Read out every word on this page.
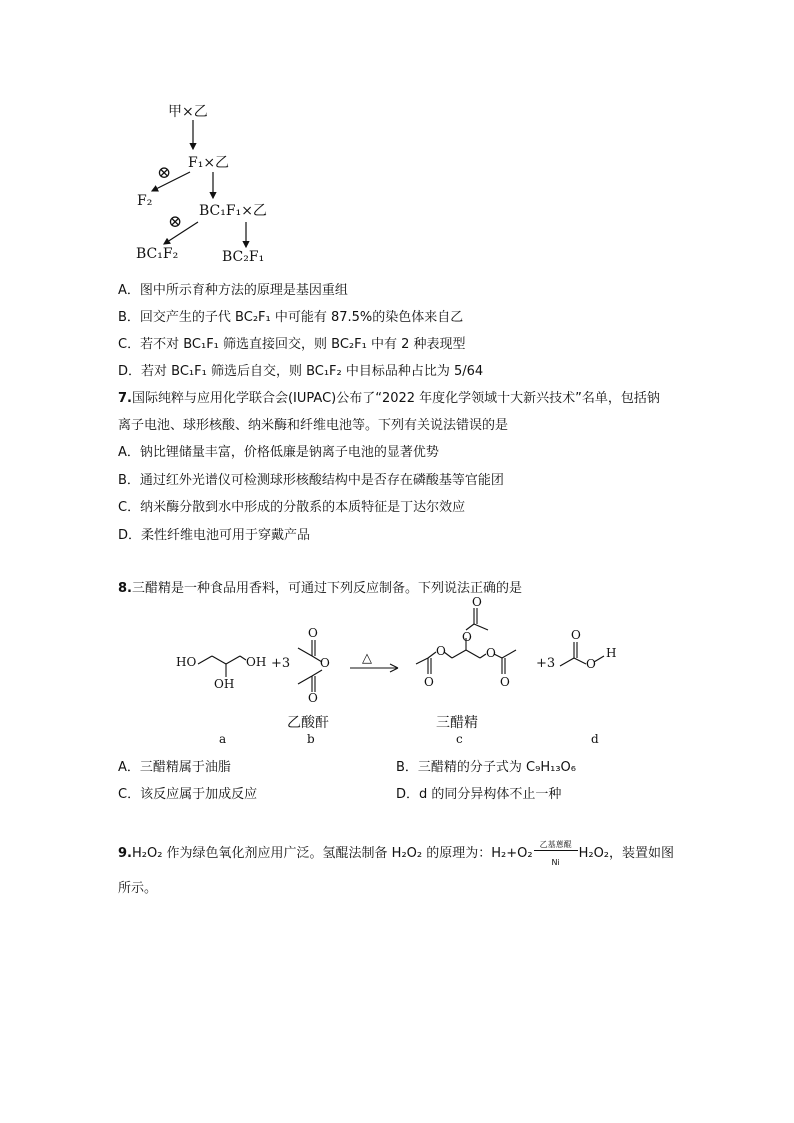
甲×乙
F₁×乙
F₂
BC₁F₁×乙
BC₁F₂	BC₂F₁
⊗
⊗
A．图中所示育种方法的原理是基因重组
B．回交产生的子代 BC₂F₁ 中可能有 87.5%的染色体来自乙
C．若不对 BC₁F₁ 筛选直接回交，则 BC₂F₁ 中有 2 种表现型
D．若对 BC₁F₁ 筛选后自交，则 BC₁F₂ 中目标品种占比为 5/64
7.国际纯粹与应用化学联合会(IUPAC)公布了“2022 年度化学领域十大新兴技术”名单，包括钠
离子电池、球形核酸、纳米酶和纤维电池等。下列有关说法错误的是
A．钠比锂储量丰富，价格低廉是钠离子电池的显著优势
B．通过红外光谱仪可检测球形核酸结构中是否存在磷酸基等官能团
C．纳米酶分散到水中形成的分散系的本质特征是丁达尔效应
D．柔性纤维电池可用于穿戴产品
8.三醋精是一种食品用香料，可通过下列反应制备。下列说法正确的是
HO	OH
OH
+3
O
O
O
△
O
O
O
O
O
O
+3
O
O
H
乙酸酐	三醋精
a	b	c	d
A．三醋精属于油脂	B．三醋精的分子式为 C₉H₁₃O₆
C．该反应属于加成反应	D．d 的同分异构体不止一种
9.H₂O₂ 作为绿色氧化剂应用广泛。氢醌法制备 H₂O₂ 的原理为：H₂+O₂
乙基蒽醌
Ni
H₂O₂，装置如图
所示。
